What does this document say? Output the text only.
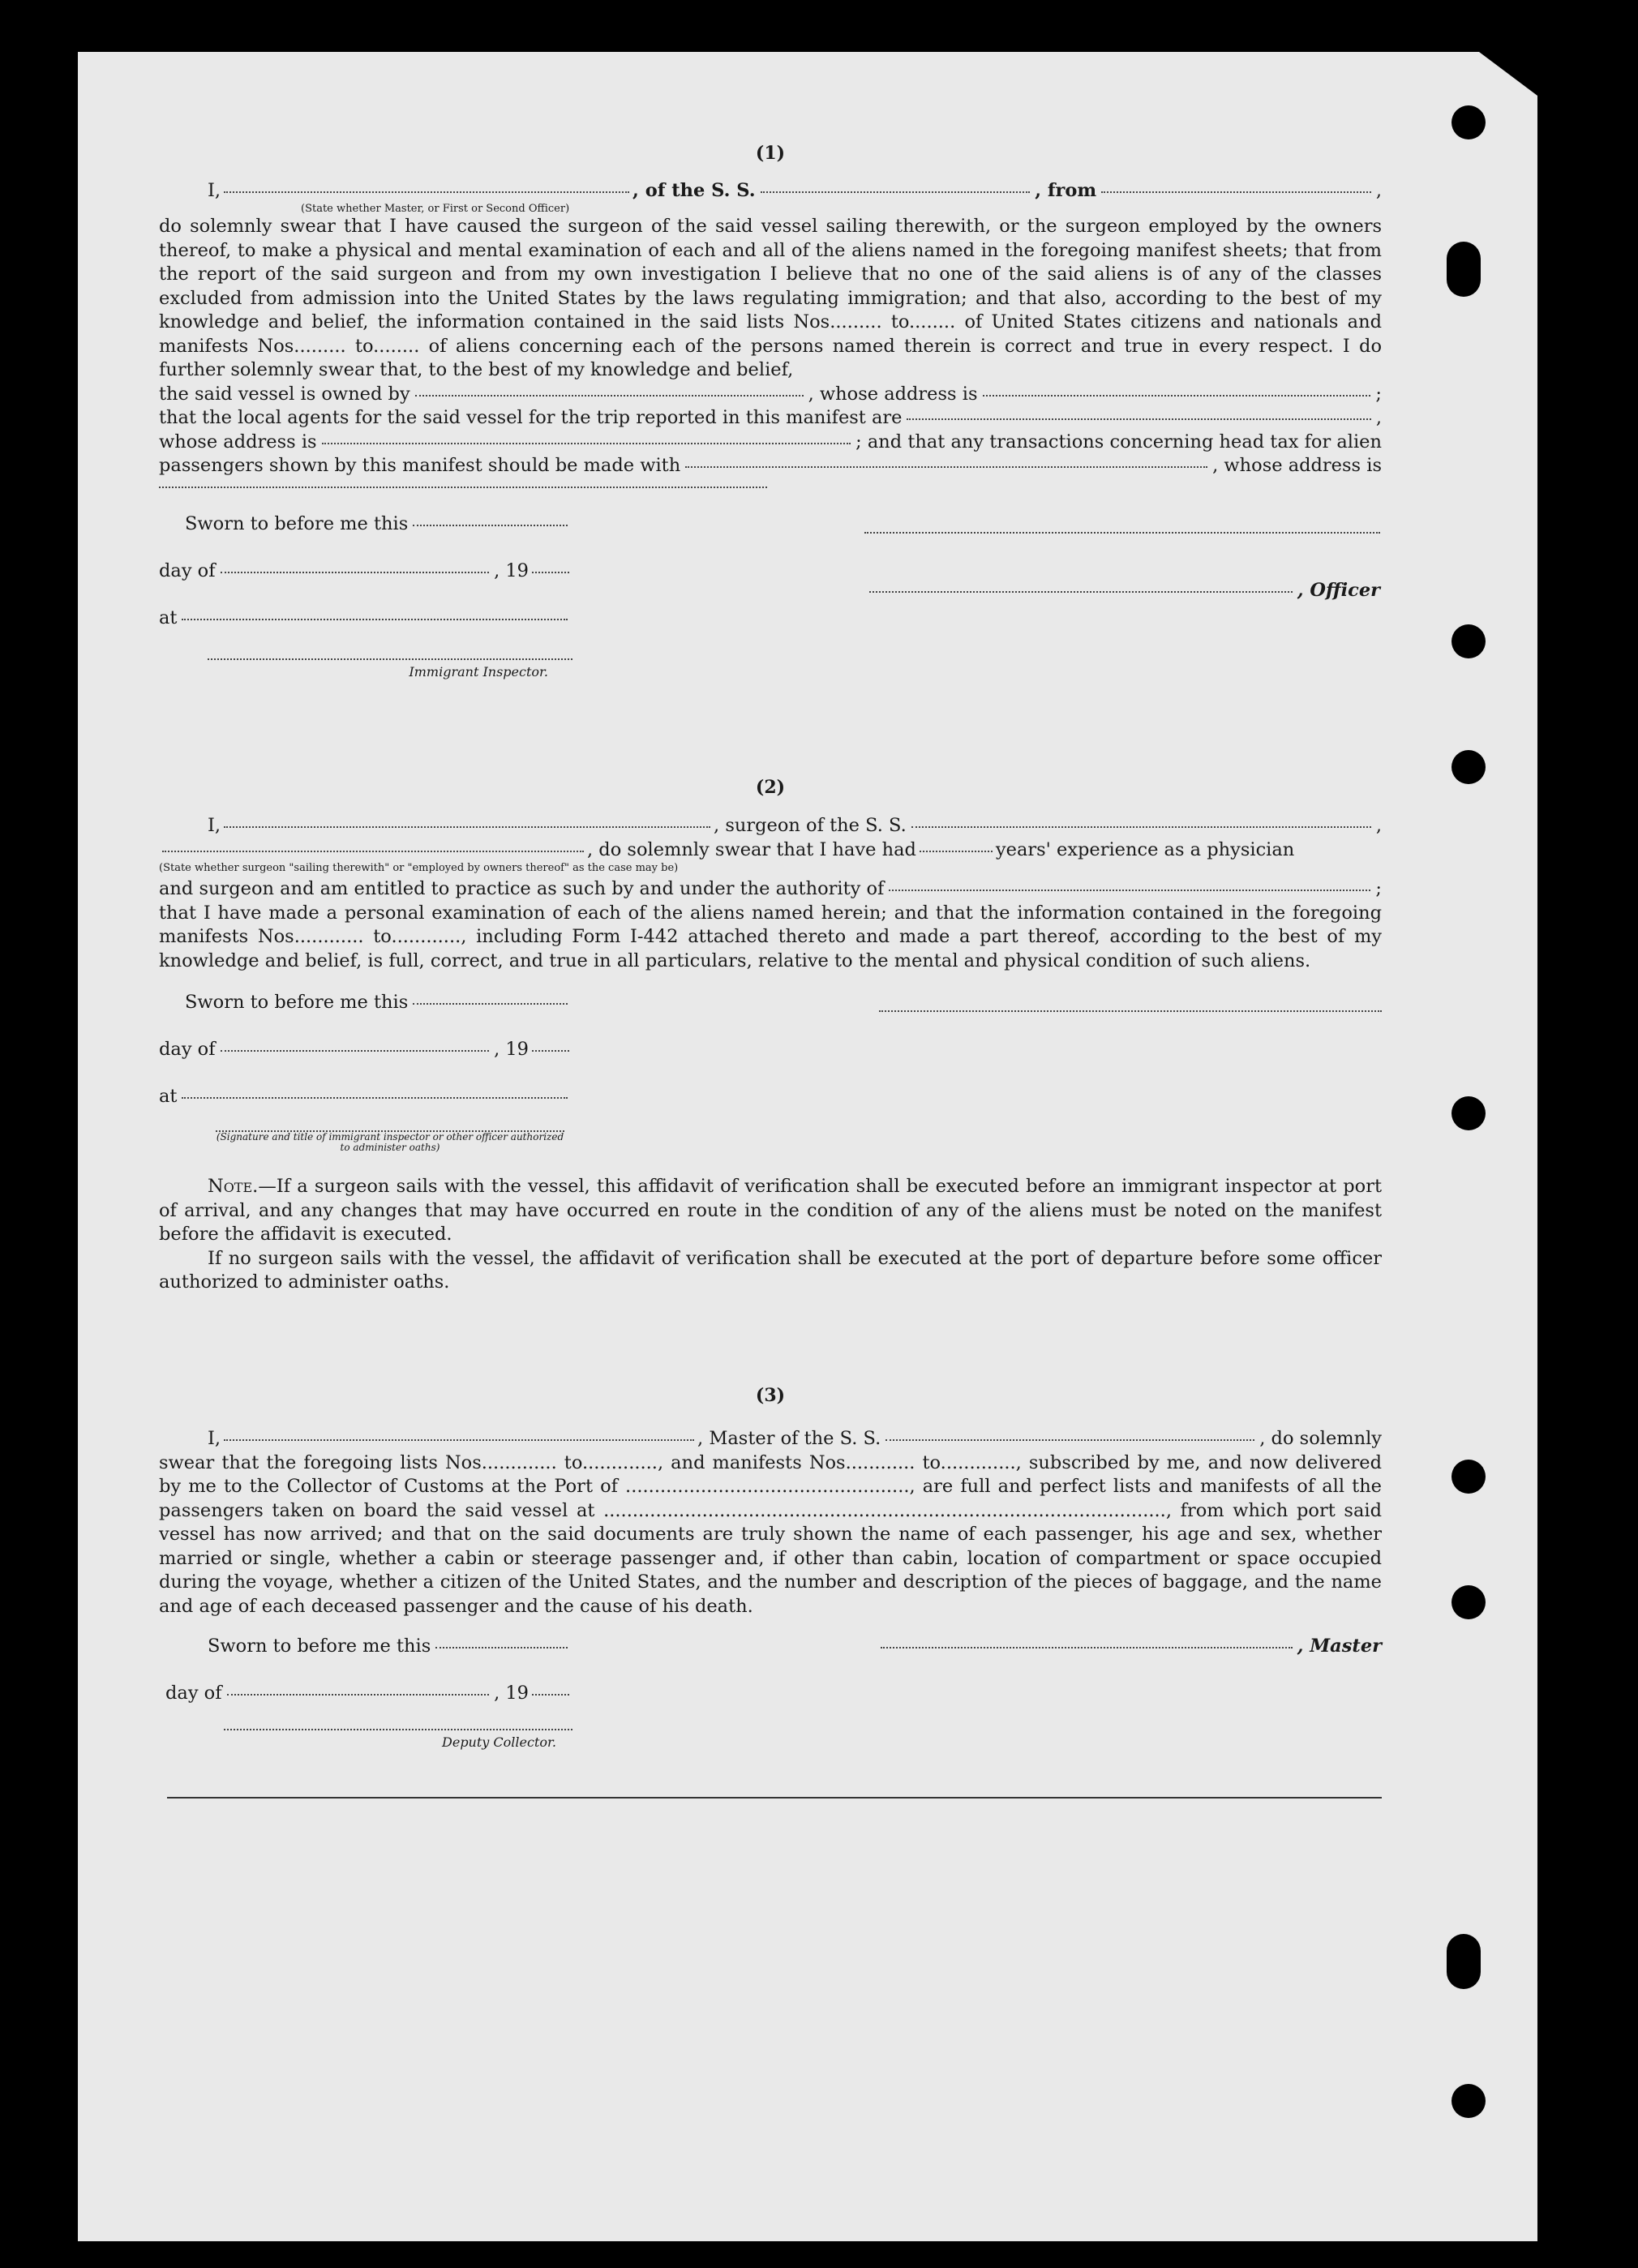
(1)

I,	, of the S. S.	, from	,
(State whether Master, or First or Second Officer)

do solemnly swear that I have caused the surgeon of the said vessel sailing therewith, or the surgeon employed by the owners thereof, to make a physical and mental examination of each and all of the aliens named in the foregoing manifest sheets; that from the report of the said surgeon and from my own investigation I believe that no one of the said aliens is of any of the classes excluded from admission into the United States by the laws regulating immigration; and that also, according to the best of my knowledge and belief, the information contained in the said lists Nos......... to........ of United States citizens and nationals and manifests Nos......... to........ of aliens concerning each of the persons named therein is correct and true in every respect. I do further solemnly swear that, to the best of my knowledge and belief,

the said vessel is owned by	, whose address is	;
that the local agents for the said vessel for the trip reported in this manifest are	,
whose address is	; and that any transactions concerning head tax for alien
passengers shown by this manifest should be made with	, whose address is
Sworn to before me this
day of	, 19
, Officer
at
Immigrant Inspector.

(2)

I,	, surgeon of the S. S.	,
, do solemnly swear that I have had	years' experience as a physician
(State whether surgeon "sailing therewith" or "employed by owners thereof" as the case may be)
and surgeon and am entitled to practice as such by and under the authority of	;

that I have made a personal examination of each of the aliens named herein; and that the information contained in the foregoing manifests Nos............ to............, including Form I-442 attached thereto and made a part thereof, according to the best of my knowledge and belief, is full, correct, and true in all particulars, relative to the mental and physical condition of such aliens.

Sworn to before me this
day of	, 19
at
(Signature and title of immigrant inspector or other officer authorized to administer oaths)

Note.—If a surgeon sails with the vessel, this affidavit of verification shall be executed before an immigrant inspector at port of arrival, and any changes that may have occurred en route in the condition of any of the aliens must be noted on the manifest before the affidavit is executed.

If no surgeon sails with the vessel, the affidavit of verification shall be executed at the port of departure before some officer authorized to administer oaths.

(3)

I,	, Master of the S. S.	, do solemnly

swear that the foregoing lists Nos............. to............., and manifests Nos............ to............., subscribed by me, and now delivered by me to the Collector of Customs at the Port of ................................................., are full and perfect lists and manifests of all the passengers taken on board the said vessel at ................................................................................................., from which port said vessel has now arrived; and that on the said documents are truly shown the name of each passenger, his age and sex, whether married or single, whether a cabin or steerage passenger and, if other than cabin, location of compartment or space occupied during the voyage, whether a citizen of the United States, and the number and description of the pieces of baggage, and the name and age of each deceased passenger and the cause of his death.

Sworn to before me this	, Master
day of	, 19
Deputy Collector.
